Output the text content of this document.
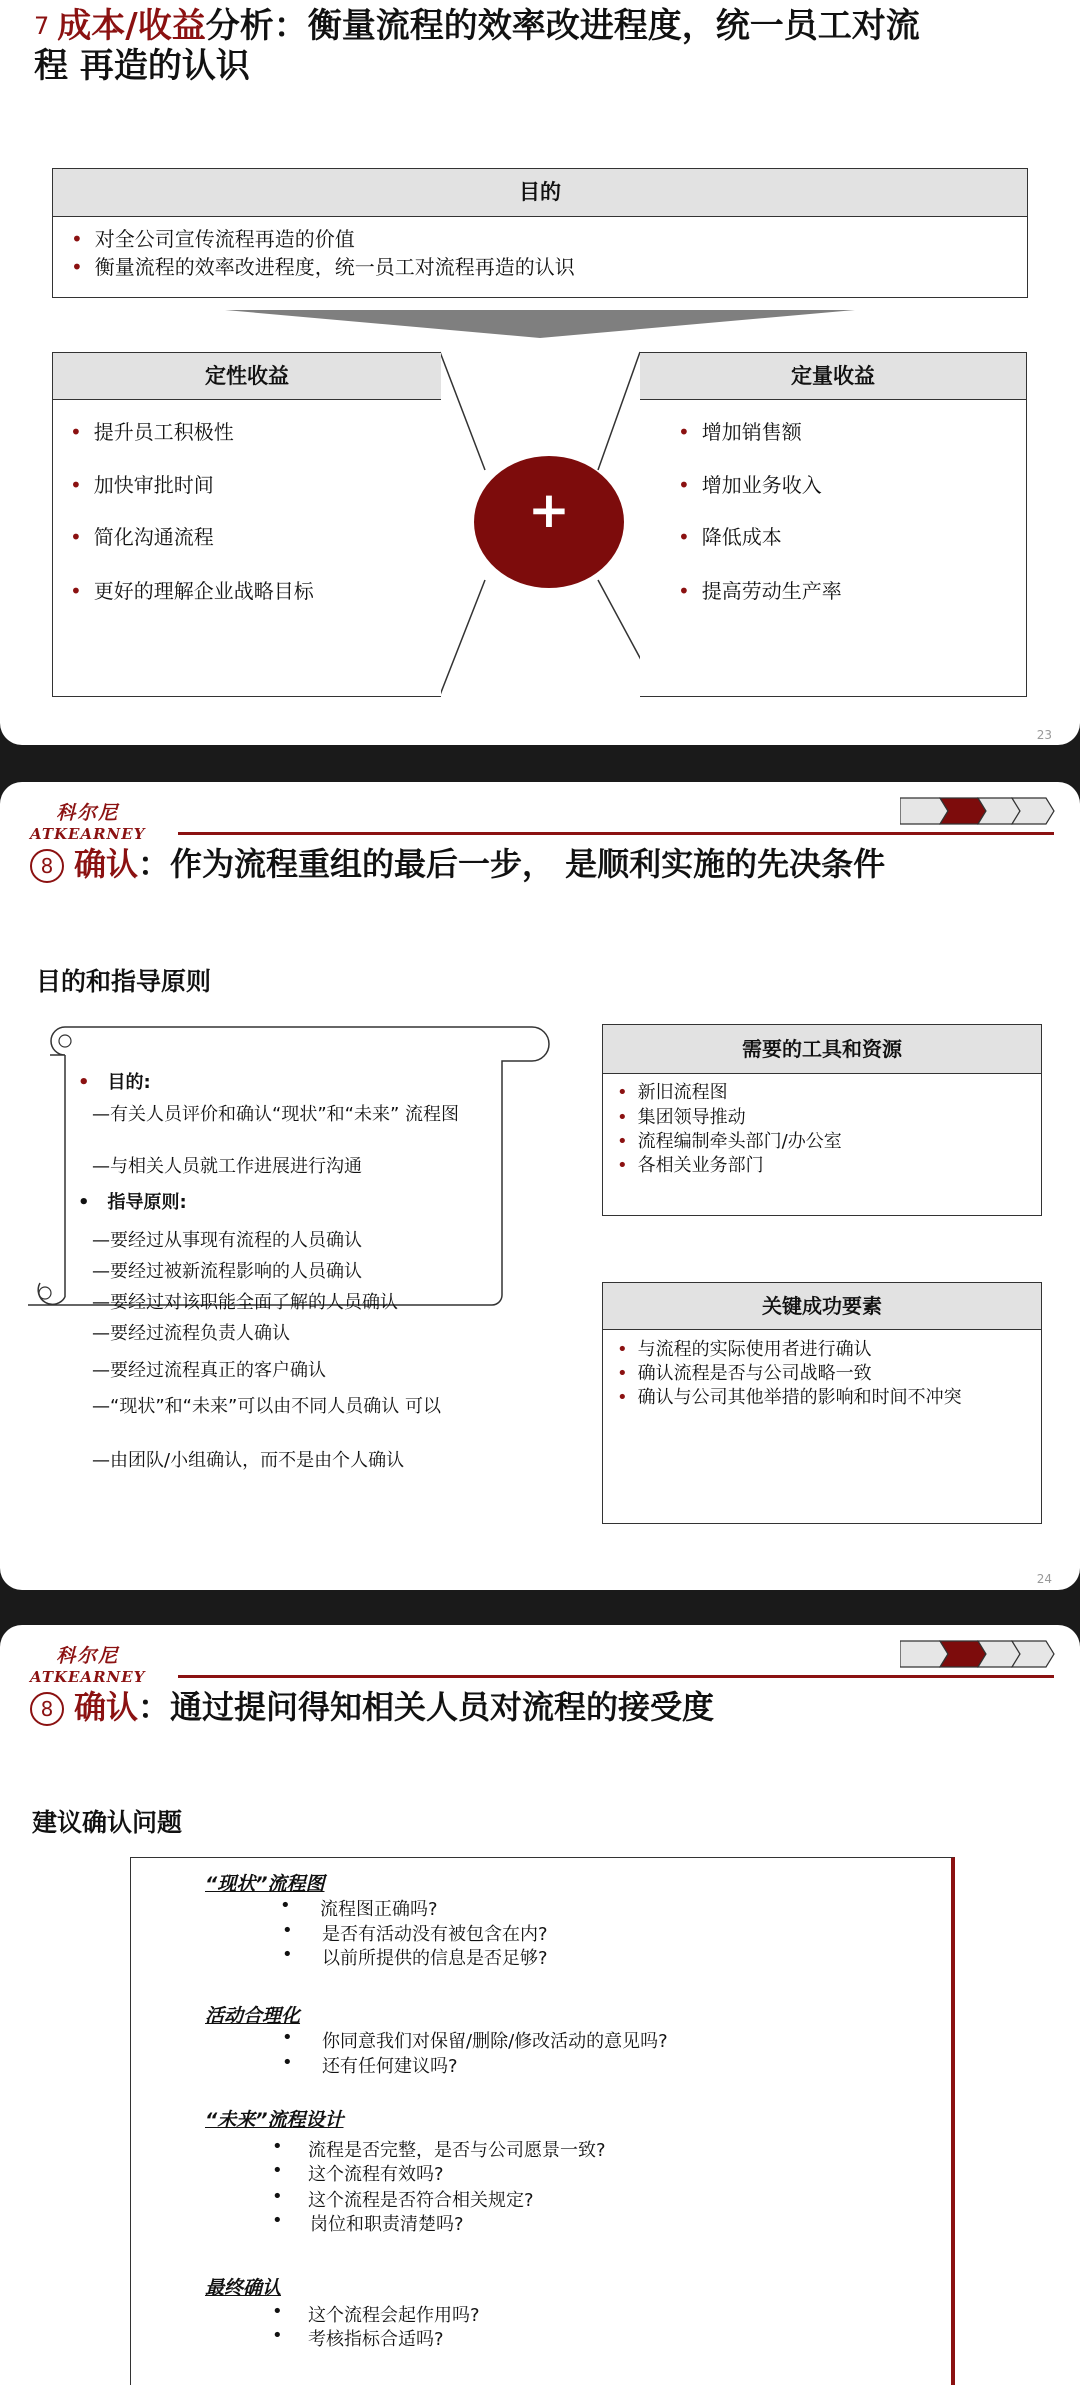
$^7$ 成本/收益分析：衡量流程的效率改进程度，统一员工对流
程 再造的认识
目的
• 对全公司宣传流程再造的价值
• 衡量流程的效率改进程度，统一员工对流程再造的认识
+
定性收益
• 提升员工积极性
• 加快审批时间
• 简化沟通流程
• 更好的理解企业战略目标
定量收益
• 增加销售额
• 增加业务收入
• 降低成本
• 提高劳动生产率
23
科尔尼
ATKEARNEY
8 确认：作为流程重组的最后一步， 是顺利实施的先决条件
目的和指导原则
• 目的:
—有关人员评价和确认“现状”和“未来” 流程图
—与相关人员就工作进展进行沟通
• 指导原则:
—要经过从事现有流程的人员确认
—要经过被新流程影响的人员确认
—要经过对该职能全面了解的人员确认
—要经过流程负责人确认
—要经过流程真正的客户确认
—“现状”和“未来”可以由不同人员确认 可以
—由团队/小组确认，而不是由个人确认
需要的工具和资源
• 新旧流程图
• 集团领导推动
• 流程编制牵头部门/办公室
• 各相关业务部门
关键成功要素
• 与流程的实际使用者进行确认
• 确认流程是否与公司战略一致
• 确认与公司其他举措的影响和时间不冲突
24
科尔尼
ATKEARNEY
8 确认：通过提问得知相关人员对流程的接受度
建议确认问题
“现状”流程图
• 流程图正确吗?
• 是否有活动没有被包含在内?
• 以前所提供的信息是否足够?
活动合理化
• 你同意我们对保留/删除/修改活动的意见吗?
• 还有任何建议吗?
“未来”流程设计
• 流程是否完整，是否与公司愿景一致?
• 这个流程有效吗?
• 这个流程是否符合相关规定?
• 岗位和职责清楚吗?
最终确认
• 这个流程会起作用吗?
• 考核指标合适吗?
